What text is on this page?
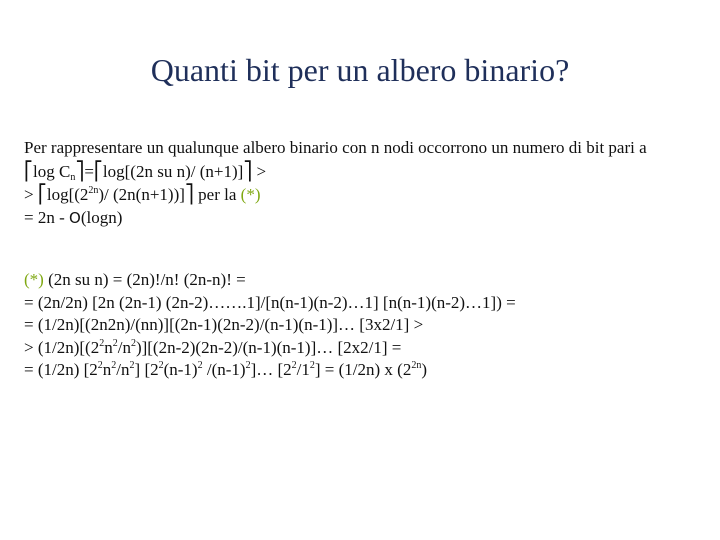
Quanti bit per un albero binario?
Per rappresentare un qualunque albero binario con n nodi occorrono un numero di bit pari a
⎡log $C_n⎤=⎡\log[(2n$ su n)/ (n+1)]⎤ >
> $⎡\log[(2^{2n})/$ (2n(n+1))]⎤ per la (*)
= 2n - O(logn)
(*) (2n su n) = (2n)!/n! (2n-n)! =
= (2n/2n) [2n (2n-1) (2n-2)…….1]/[n(n-1)(n-2)…1] [n(n-1)(n-2)…1]) =
= (1/2n)[(2n2n)/(nn)][(2n-1)(2n-2)/(n-1)(n-1)]… [3x2/1] >
> $(1/2n)[(2^2n^2/n^2)][(2n-2)(2n-2)/(n-1)(n-1)]\dots$ [2x2/1] =
= (1/2n) $[2^2n^2/n^2]$ [$2^2(n-1)^2$ $/(n-1)^2]\dots$ $[2^2/1^2] = (1/2n)$ x $(2^{2n})$
